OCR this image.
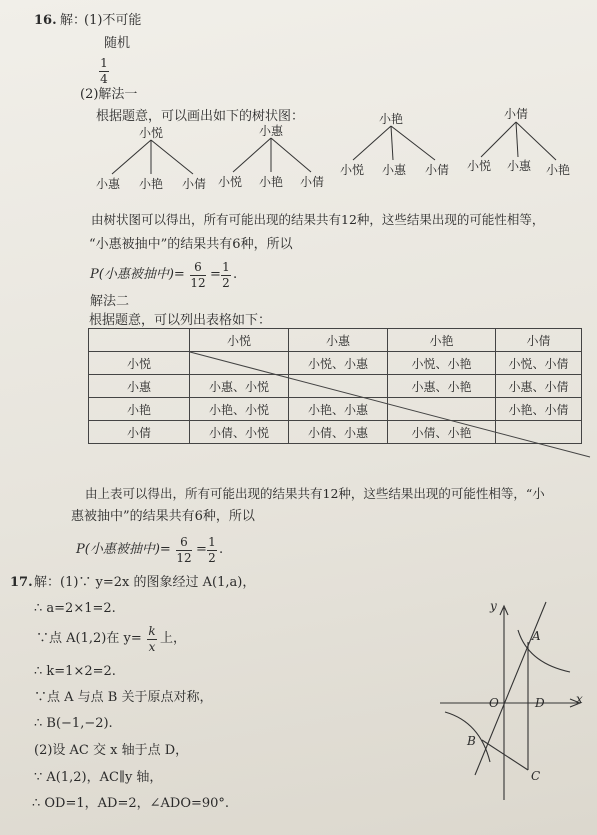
16. 解：
(1)不可能
随机
1
4
(2)解法一
根据题意，可以画出如下的树状图：
小悦
小惠 小艳 小倩
小惠
小悦 小艳 小倩
小艳
小悦 小惠 小倩
小倩
小悦 小惠 小艳
由树状图可以得出，所有可能出现的结果共有12种，这些结果出现的可能性相等，
“小惠被抽中”的结果共有6种，所以
P(小惠被抽中)= 6
12
= 1
2
.
解法二
根据题意，可以列出表格如下：
	小悦	小惠	小艳	小倩
小悦		小悦、小惠	小悦、小艳	小悦、小倩
小惠	小惠、小悦		小惠、小艳	小惠、小倩
小艳	小艳、小悦	小艳、小惠		小艳、小倩
小倩	小倩、小悦	小倩、小惠	小倩、小艳	
由上表可以得出，所有可能出现的结果共有12种，这些结果出现的可能性相等，“小
惠被抽中”的结果共有6种，所以
P(小惠被抽中)= 6
12
= 1
2
.
17. 解：(1)∵ y=2x 的图象经过 A(1,a)，
∴ a=2×1=2.
∵点 A(1,2)在 y= k
x
上，
∴ k=1×2=2.
∵点 A 与点 B 关于原点对称，
∴ B(−1,−2).
(2)设 AC 交 x 轴于点 D，
∵ A(1,2)，AC∥y 轴，
∴ OD=1，AD=2，∠ADO=90°.
y
x
O
A
D
B
C
